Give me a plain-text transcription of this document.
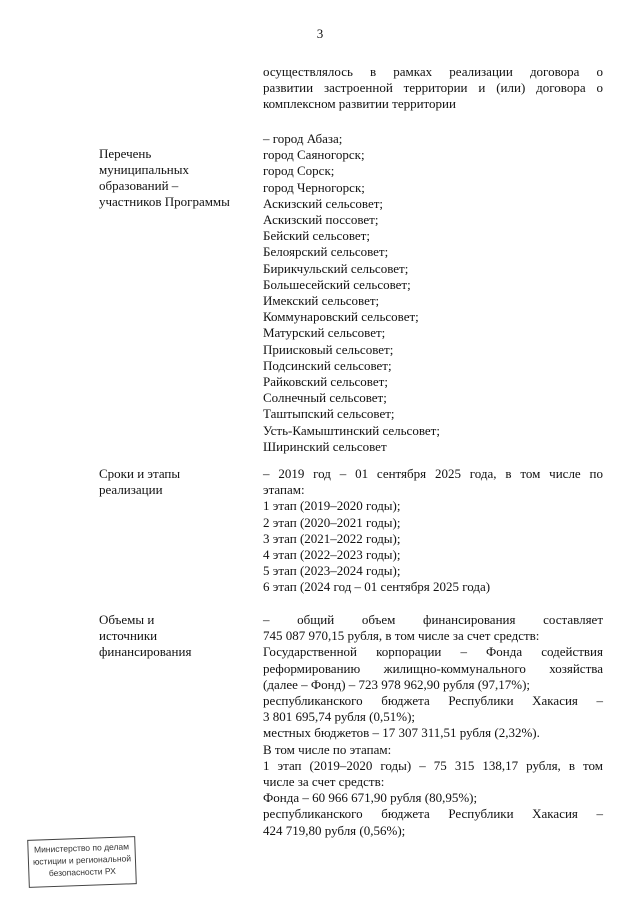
3
осуществлялось в рамках реализации договора о
развитии застроенной территории и (или) договора о
комплексном развитии территории
Перечень
муниципальных
образований –
участников Программы
– город Абаза;
город Саяногорск;
город Сорск;
город Черногорск;
Аскизский сельсовет;
Аскизский поссовет;
Бейский сельсовет;
Белоярский сельсовет;
Бирикчульский сельсовет;
Большесейский сельсовет;
Имекский сельсовет;
Коммунаровский сельсовет;
Матурский сельсовет;
Приисковый сельсовет;
Подсинский сельсовет;
Райковский сельсовет;
Солнечный сельсовет;
Таштыпский сельсовет;
Усть-Камыштинский сельсовет;
Ширинский сельсовет
Сроки и этапы
реализации
– 2019 год – 01 сентября 2025 года, в том числе по
этапам:
1 этап (2019–2020 годы);
2 этап (2020–2021 годы);
3 этап (2021–2022 годы);
4 этап (2022–2023 годы);
5 этап (2023–2024 годы);
6 этап (2024 год – 01 сентября 2025 года)
Объемы и
источники
финансирования
– общий объем финансирования составляет
745 087 970,15 рубля, в том числе за счет средств:
Государственной корпорации – Фонда содействия
реформированию жилищно-коммунального хозяйства
(далее – Фонд) – 723 978 962,90 рубля (97,17%);
республиканского бюджета Республики Хакасия –
3 801 695,74 рубля (0,51%);
местных бюджетов – 17 307 311,51 рубля (2,32%).
В том числе по этапам:
1 этап (2019–2020 годы) – 75 315 138,17 рубля, в том
числе за счет средств:
Фонда – 60 966 671,90 рубля (80,95%);
республиканского бюджета Республики Хакасия –
424 719,80 рубля (0,56%);
Министерство по делам
юстиции и региональной
безопасности РХ
